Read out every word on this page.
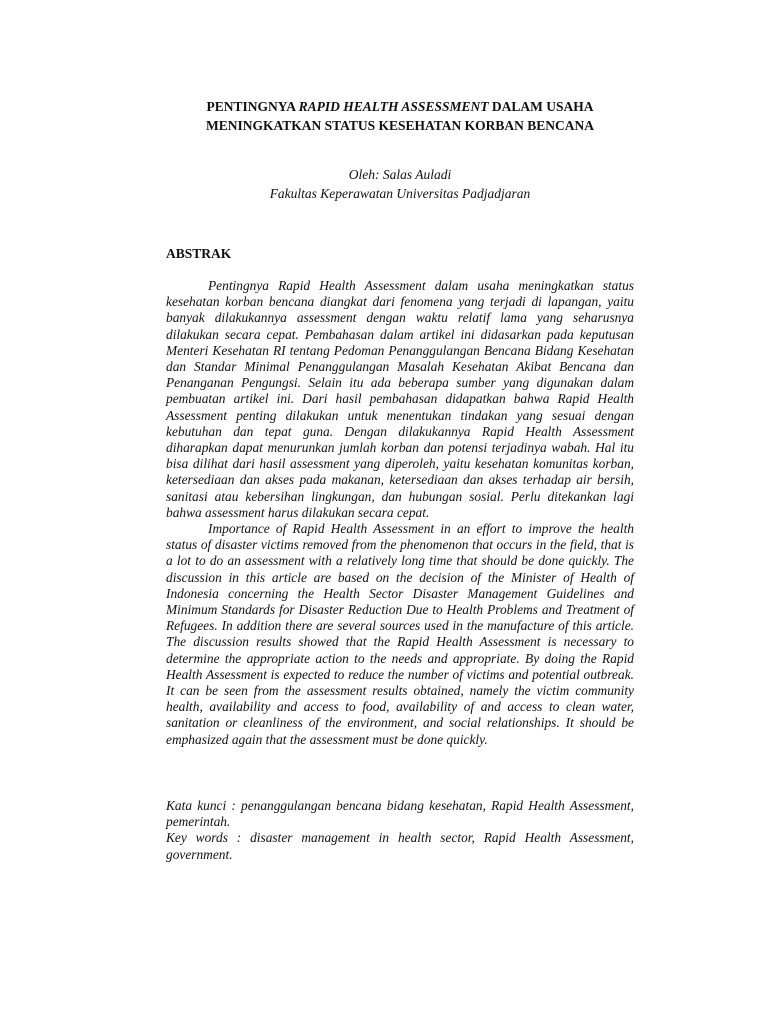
PENTINGNYA RAPID HEALTH ASSESSMENT DALAM USAHA
MENINGKATKAN STATUS KESEHATAN KORBAN BENCANA
Oleh: Salas Auladi
Fakultas Keperawatan Universitas Padjadjaran
ABSTRAK

Pentingnya Rapid Health Assessment dalam usaha meningkatkan status kesehatan korban bencana diangkat dari fenomena yang terjadi di lapangan, yaitu banyak dilakukannya assessment dengan waktu relatif lama yang seharusnya dilakukan secara cepat. Pembahasan dalam artikel ini didasarkan pada keputusan Menteri Kesehatan RI tentang Pedoman Penanggulangan Bencana Bidang Kesehatan dan Standar Minimal Penanggulangan Masalah Kesehatan Akibat Bencana dan Penanganan Pengungsi. Selain itu ada beberapa sumber yang digunakan dalam pembuatan artikel ini. Dari hasil pembahasan didapatkan bahwa Rapid Health Assessment penting dilakukan untuk menentukan tindakan yang sesuai dengan kebutuhan dan tepat guna. Dengan dilakukannya Rapid Health Assessment diharapkan dapat menurunkan jumlah korban dan potensi terjadinya wabah. Hal itu bisa dilihat dari hasil assessment yang diperoleh, yaitu kesehatan komunitas korban, ketersediaan dan akses pada makanan, ketersediaan dan akses terhadap air bersih, sanitasi atau kebersihan lingkungan, dan hubungan sosial. Perlu ditekankan lagi bahwa assessment harus dilakukan secara cepat.

Importance of Rapid Health Assessment in an effort to improve the health status of disaster victims removed from the phenomenon that occurs in the field, that is a lot to do an assessment with a relatively long time that should be done quickly. The discussion in this article are based on the decision of the Minister of Health of Indonesia concerning the Health Sector Disaster Management Guidelines and Minimum Standards for Disaster Reduction Due to Health Problems and Treatment of Refugees. In addition there are several sources used in the manufacture of this article. The discussion results showed that the Rapid Health Assessment is necessary to determine the appropriate action to the needs and appropriate. By doing the Rapid Health Assessment is expected to reduce the number of victims and potential outbreak. It can be seen from the assessment results obtained, namely the victim community health, availability and access to food, availability of and access to clean water, sanitation or cleanliness of the environment, and social relationships. It should be emphasized again that the assessment must be done quickly.

Kata kunci : penanggulangan bencana bidang kesehatan, Rapid Health Assessment, pemerintah.

Key words : disaster management in health sector, Rapid Health Assessment, government.
